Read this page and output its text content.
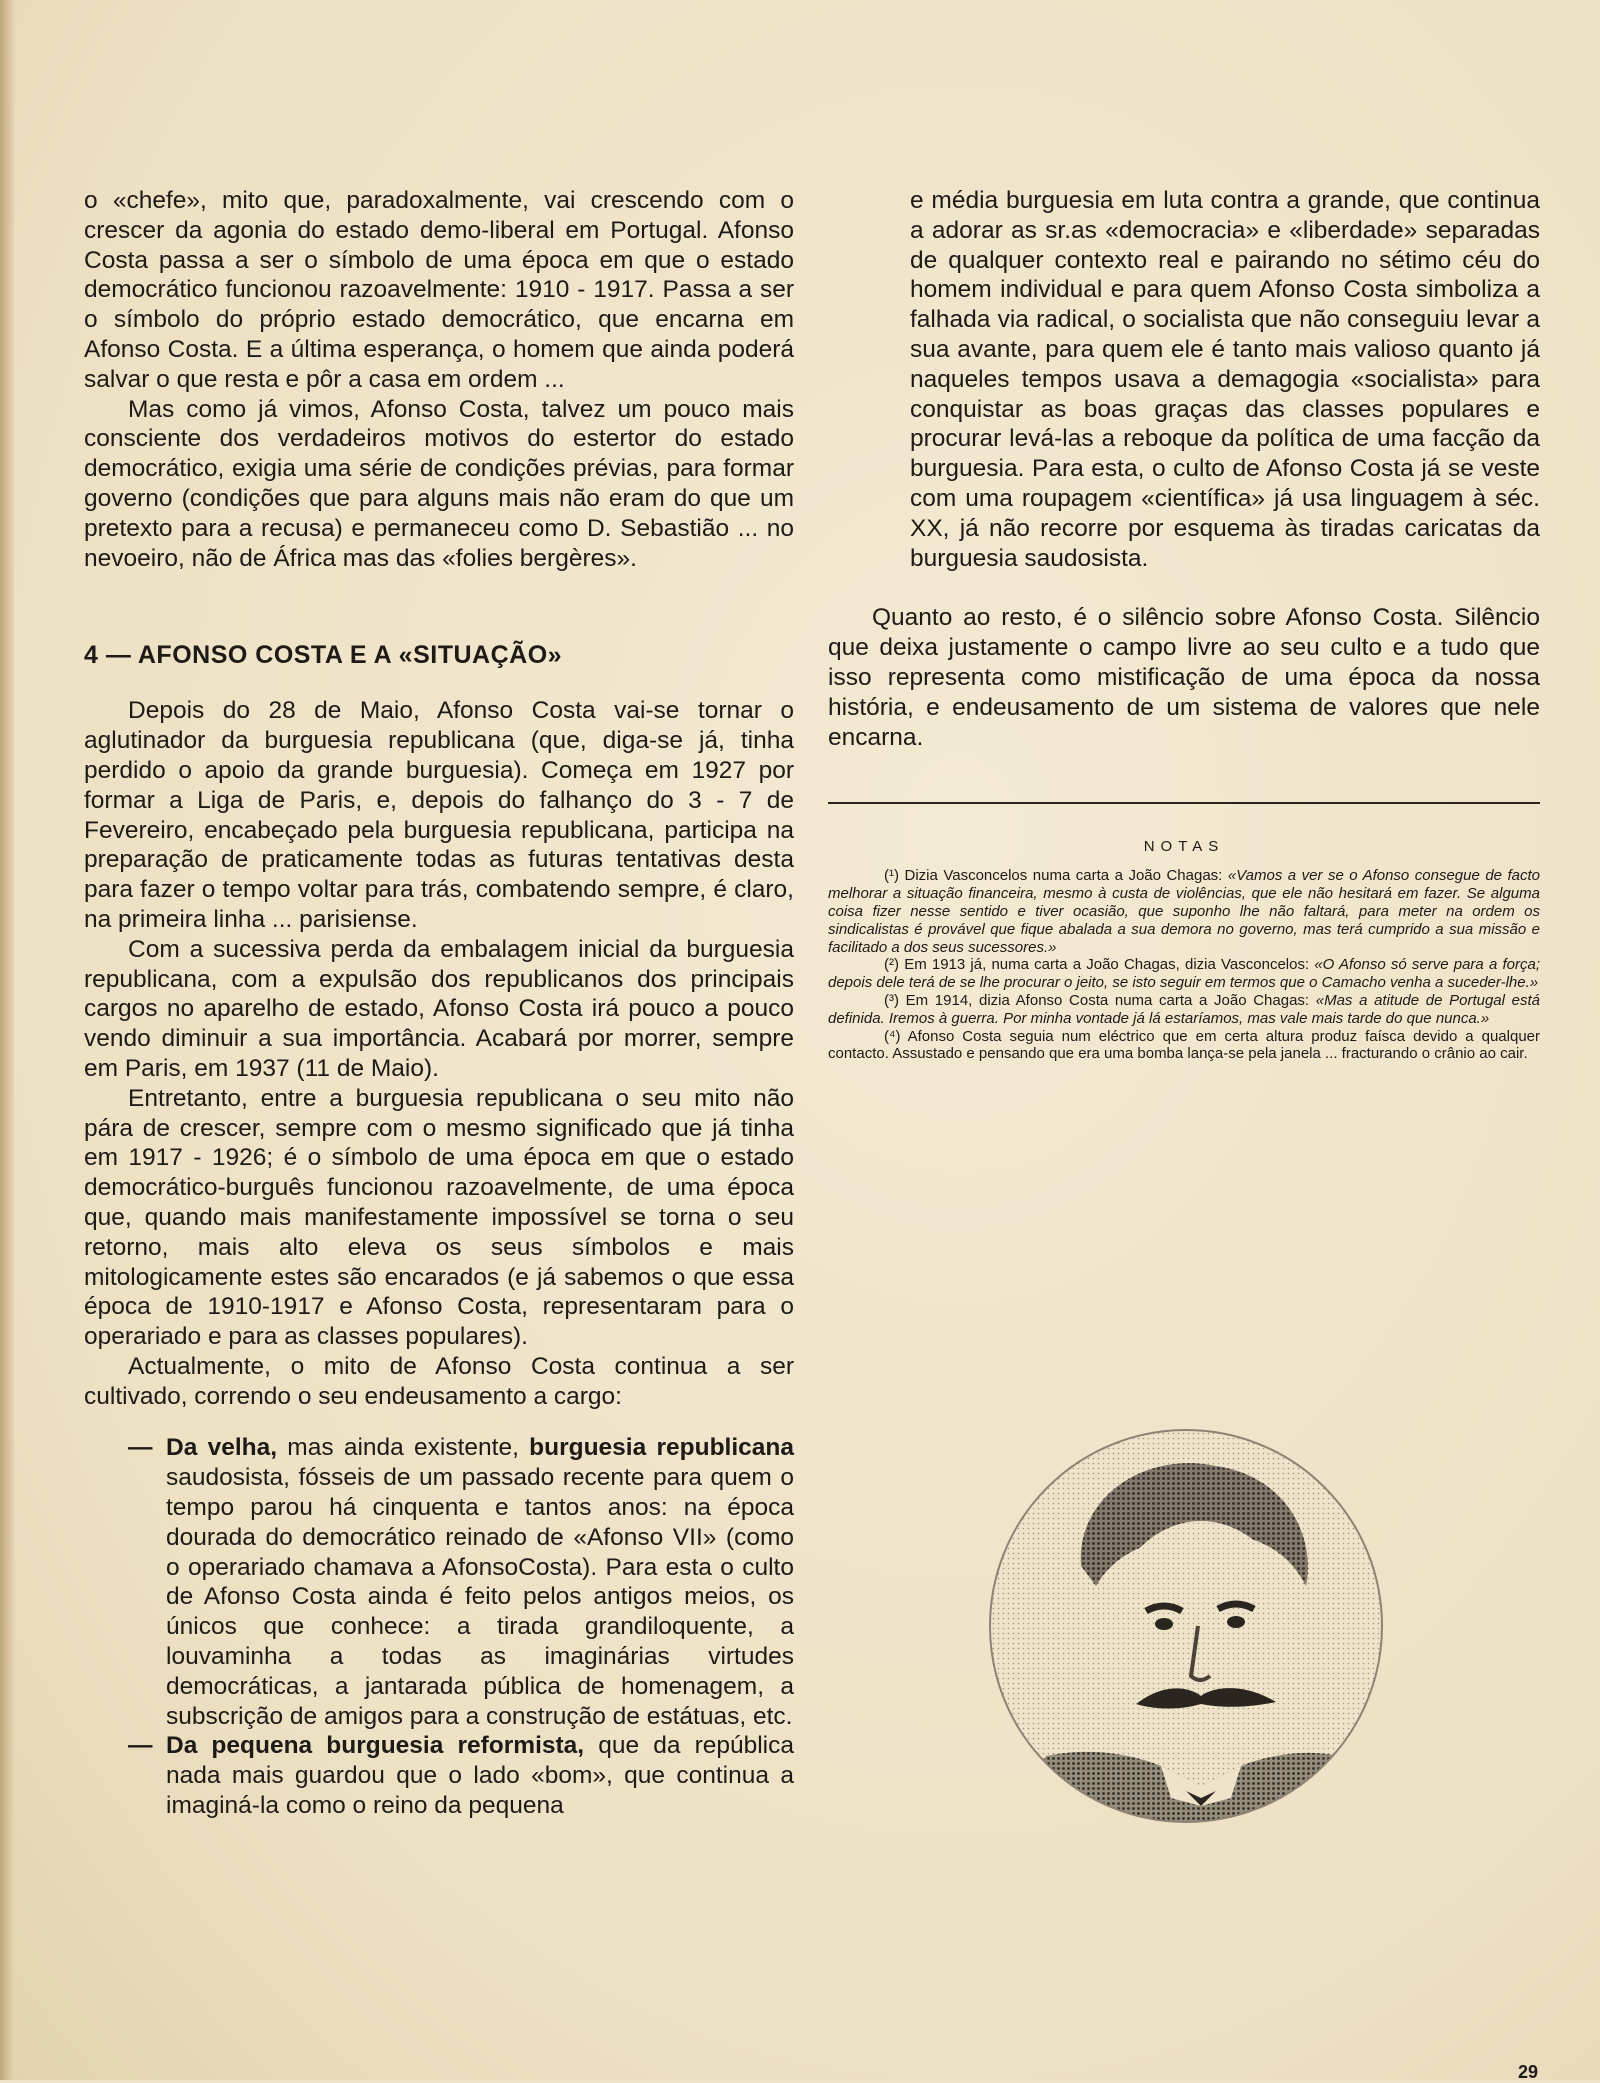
o «chefe», mito que, paradoxalmente, vai crescendo com o crescer da agonia do estado demo-liberal em Portugal. Afonso Costa passa a ser o símbolo de uma época em que o estado democrático funcionou razoavelmente: 1910 - 1917. Passa a ser o símbolo do próprio estado democrático, que encarna em Afonso Costa. E a última esperança, o homem que ainda poderá salvar o que resta e pôr a casa em ordem ...

Mas como já vimos, Afonso Costa, talvez um pouco mais consciente dos verdadeiros motivos do estertor do estado democrático, exigia uma série de condições prévias, para formar governo (condições que para alguns mais não eram do que um pretexto para a recusa) e permaneceu como D. Sebastião ... no nevoeiro, não de África mas das «folies bergères».

4 — AFONSO COSTA E A «SITUAÇÃO»

Depois do 28 de Maio, Afonso Costa vai-se tornar o aglutinador da burguesia republicana (que, diga-se já, tinha perdido o apoio da grande burguesia). Começa em 1927 por formar a Liga de Paris, e, depois do falhanço do 3 - 7 de Fevereiro, encabeçado pela burguesia republicana, participa na preparação de praticamente todas as futuras tentativas desta para fazer o tempo voltar para trás, combatendo sempre, é claro, na primeira linha ... parisiense.

Com a sucessiva perda da embalagem inicial da burguesia republicana, com a expulsão dos republicanos dos principais cargos no aparelho de estado, Afonso Costa irá pouco a pouco vendo diminuir a sua importância. Acabará por morrer, sempre em Paris, em 1937 (11 de Maio).

Entretanto, entre a burguesia republicana o seu mito não pára de crescer, sempre com o mesmo significado que já tinha em 1917 - 1926; é o símbolo de uma época em que o estado democrático-burguês funcionou razoavelmente, de uma época que, quando mais manifestamente impossível se torna o seu retorno, mais alto eleva os seus símbolos e mais mitologicamente estes são encarados (e já sabemos o que essa época de 1910-1917 e Afonso Costa, representaram para o operariado e para as classes populares).

Actualmente, o mito de Afonso Costa continua a ser cultivado, correndo o seu endeusamento a cargo:

— Da velha, mas ainda existente, burguesia republicana saudosista, fósseis de um passado recente para quem o tempo parou há cinquenta e tantos anos: na época dourada do democrático reinado de «Afonso VII» (como o operariado chamava a AfonsoCosta). Para esta o culto de Afonso Costa ainda é feito pelos antigos meios, os únicos que conhece: a tirada grandiloquente, a louvaminha a todas as imaginárias virtudes democráticas, a jantarada pública de homenagem, a subscrição de amigos para a construção de estátuas, etc.

— Da pequena burguesia reformista, que da república nada mais guardou que o lado «bom», que continua a imaginá-la como o reino da pequena

e média burguesia em luta contra a grande, que continua a adorar as sr.as «democracia» e «liberdade» separadas de qualquer contexto real e pairando no sétimo céu do homem individual e para quem Afonso Costa simboliza a falhada via radical, o socialista que não conseguiu levar a sua avante, para quem ele é tanto mais valioso quanto já naqueles tempos usava a demagogia «socialista» para conquistar as boas graças das classes populares e procurar levá-las a reboque da política de uma facção da burguesia. Para esta, o culto de Afonso Costa já se veste com uma roupagem «científica» já usa linguagem à séc. XX, já não recorre por esquema às tiradas caricatas da burguesia saudosista.

Quanto ao resto, é o silêncio sobre Afonso Costa. Silêncio que deixa justamente o campo livre ao seu culto e a tudo que isso representa como mistificação de uma época da nossa história, e endeusamento de um sistema de valores que nele encarna.

NOTAS

(¹) Dizia Vasconcelos numa carta a João Chagas: «Vamos a ver se o Afonso consegue de facto melhorar a situação financeira, mesmo à custa de violências, que ele não hesitará em fazer. Se alguma coisa fizer nesse sentido e tiver ocasião, que suponho lhe não faltará, para meter na ordem os sindicalistas é provável que fique abalada a sua demora no governo, mas terá cumprido a sua missão e facilitado a dos seus sucessores.»

(²) Em 1913 já, numa carta a João Chagas, dizia Vasconcelos: «O Afonso só serve para a força; depois dele terá de se lhe procurar o jeito, se isto seguir em termos que o Camacho venha a suceder-lhe.»

(³) Em 1914, dizia Afonso Costa numa carta a João Chagas: «Mas a atitude de Portugal está definida. Iremos à guerra. Por minha vontade já lá estaríamos, mas vale mais tarde do que nunca.»

(⁴) Afonso Costa seguia num eléctrico que em certa altura produz faísca devido a qualquer contacto. Assustado e pensando que era uma bomba lança-se pela janela ... fracturando o crânio ao cair.

29
